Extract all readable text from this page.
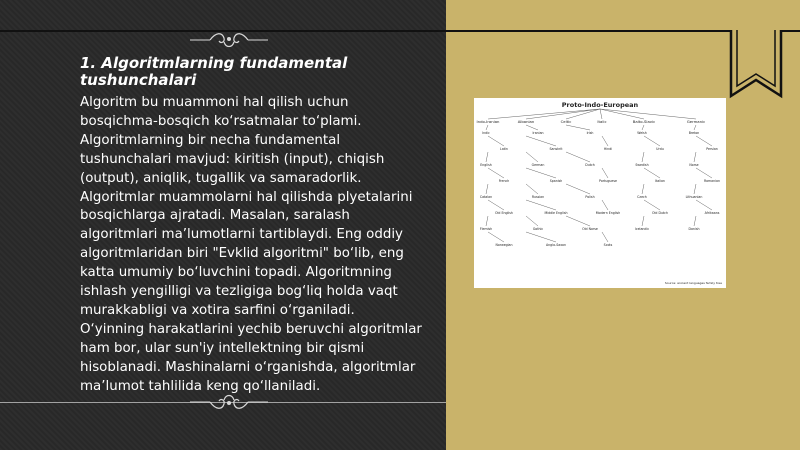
1. Algoritmlarning fundamental tushunchalari

Algoritm bu muammoni hal qilish uchun bosqichma-bosqich ko‘rsatmalar to‘plami. Algoritmlarning bir necha fundamental tushunchalari mavjud: kiritish (input), chiqish (output), aniqlik, tugallik va samaradorlik. Algoritmlar muammolarni hal qilishda plyetalarini bosqichlarga ajratadi. Masalan, saralash algoritmlari ma’lumotlarni tartiblaydi. Eng oddiy algoritmlaridan biri "Evklid algoritmi" bo‘lib, eng katta umumiy bo‘luvchini topadi. Algoritmning ishlash yengilligi va tezligiga bog‘liq holda vaqt murakkabligi va xotira sarfini o‘rganiladi. O‘yinning harakatlarini yechib beruvchi algoritmlar ham bor, ular sun'iy intellektning bir qismi hisoblanadi. Mashinalarni o‘rganishda, algoritmlar ma’lumot tahlilida keng qo‘llaniladi.

Proto-Indo-European
Indo-Iranian	Albanian	Celtic	Italic	Balto-Slavic	Germanic
Indic	Iranian	Irish	Welsh	Breton
Latin	Sanskrit	Hindi	Urdu	Persian
English	German	Dutch	Swedish	Norse
French	Spanish	Portuguese	Italian	Romanian
Catalan	Russian	Polish	Czech	Lithuanian
Old English	Middle English	Modern English	Old Dutch	Afrikaans
Flemish	Gothic	Old Norse	Icelandic	Danish
Norwegian	Anglo-Saxon	Scots
Source: ancient languages family tree
